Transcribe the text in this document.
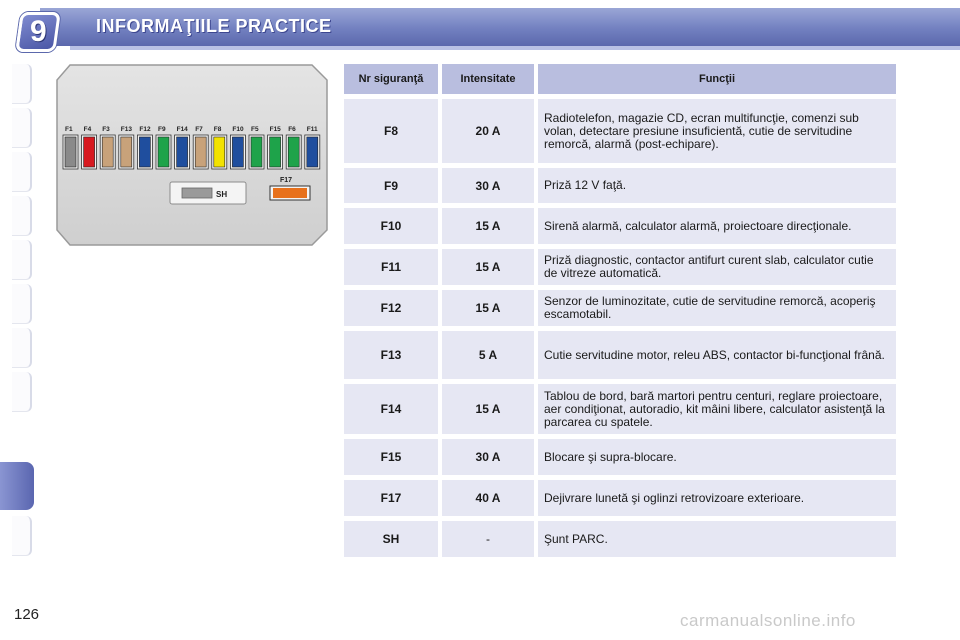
9	INFORMAŢIILE PRACTICE
F1 F4 F3 F13 F12 F9 F14 F7 F8 F10 F5 F15 F6 F11
SH
F17
Nr siguranţă	Intensitate	Funcţii
F8	20 A	Radiotelefon, magazie CD, ecran multifuncţie, comenzi sub volan, detectare presiune insuficientă, cutie de servitudine remorcă, alarmă (post-echipare).
F9	30 A	Priză 12 V faţă.
F10	15 A	Sirenă alarmă, calculator alarmă, proiectoare direcţionale.
F11	15 A	Priză diagnostic, contactor antifurt curent slab, calculator cutie de vitreze automatică.
F12	15 A	Senzor de luminozitate, cutie de servitudine remorcă, acoperiş escamotabil.
F13	5 A	Cutie servitudine motor, releu ABS, contactor bi-funcţional frână.
F14	15 A	Tablou de bord, bară martori pentru centuri, reglare proiectoare, aer condiţionat, autoradio, kit mâini libere, calculator asistenţă la parcarea cu spatele.
F15	30 A	Blocare şi supra-blocare.
F17	40 A	Dejivrare lunetă şi oglinzi retrovizoare exterioare.
SH	-	Şunt PARC.
126	carmanualsonline.info
